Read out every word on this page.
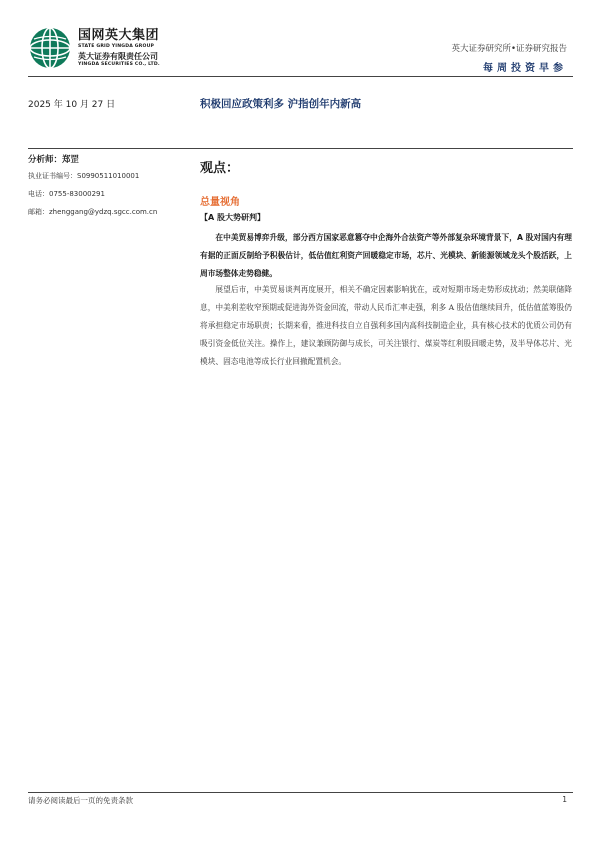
国网英大集团
STATE GRID YINGDA GROUP
英大证券有限责任公司
YINGDA SECURITIES CO., LTD.
英大证券研究所•证券研究报告
每周投资早参
2025 年 10 月 27 日	积极回应政策利多 沪指创年内新高
分析师：郑罡
执业证书编号：S0990511010001
电话：0755-83000291
邮箱：zhenggang@ydzq.sgcc.com.cn
观点：
总量视角
【A 股大势研判】

在中美贸易博弈升级，部分西方国家恶意篡夺中企海外合法资产等外部复杂环境背景下，A 股对国内有理有据的正面反制给予积极估计，低估值红利资产回暖稳定市场，芯片、光模块、新能源领域龙头个股活跃，上周市场整体走势稳健。

展望后市，中美贸易谈判再度展开，相关不确定因素影响犹在，或对短期市场走势形成扰动；然美联储降息，中美利差收窄预期或促进海外资金回流，带动人民币汇率走强，利多 A 股估值继续回升，低估值蓝筹股仍将承担稳定市场职责；长期来看，推进科技自立自强利多国内高科技制造企业，具有核心技术的优质公司仍有吸引资金低位关注。操作上，建议兼顾防御与成长，可关注银行、煤炭等红利股回暖走势，及半导体芯片、光模块、固态电池等成长行业回撤配置机会。

请务必阅读最后一页的免责条款	1
